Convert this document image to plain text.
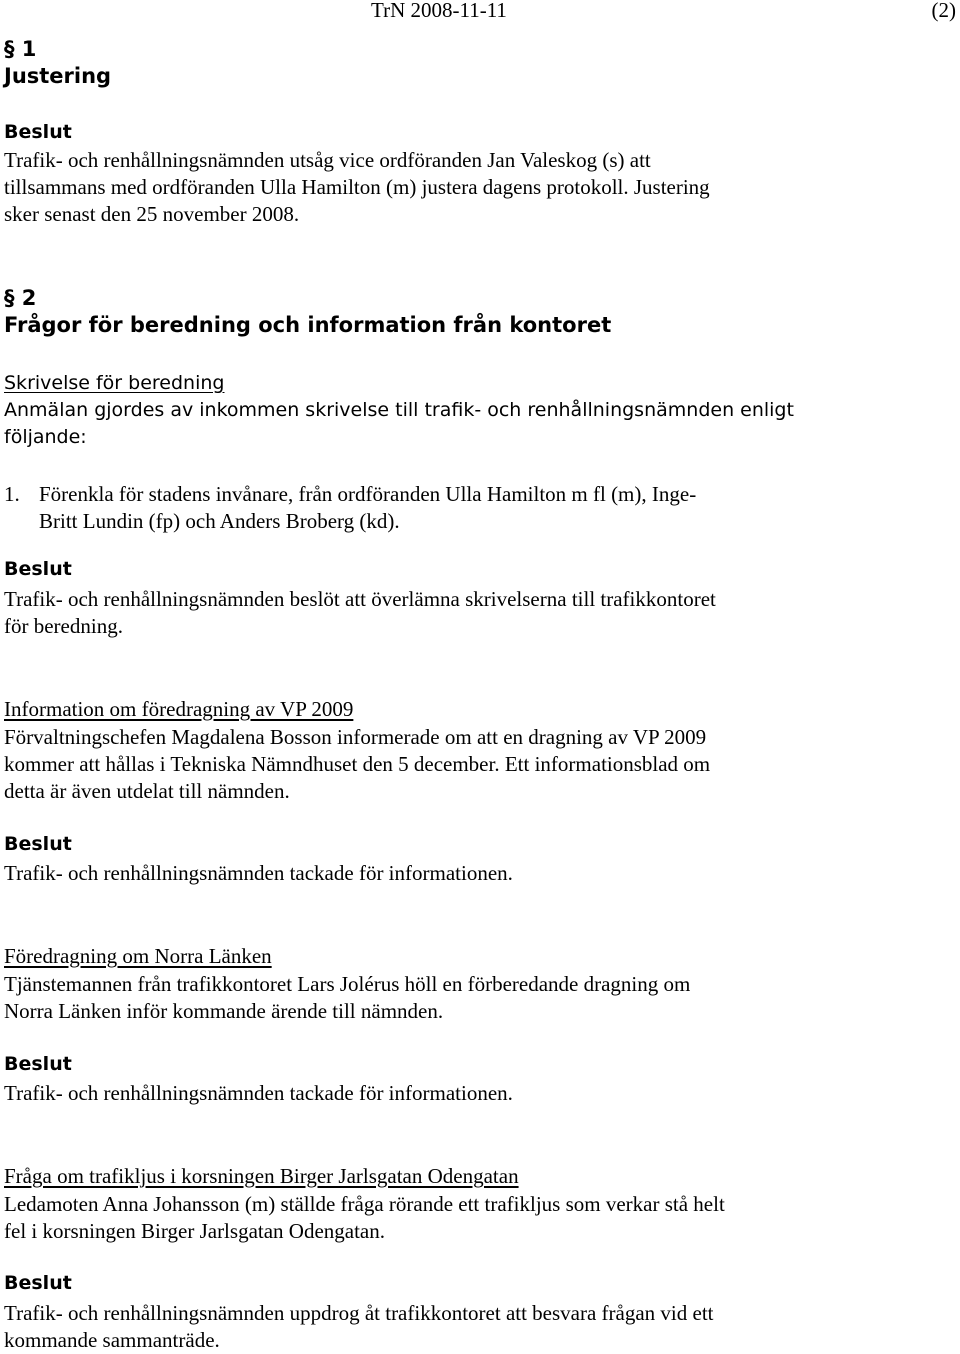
TrN 2008-11-11	(2)

§ 1

Justering

Beslut

Trafik- och renhållningsnämnden utsåg vice ordföranden Jan Valeskog (s) att

tillsammans med ordföranden Ulla Hamilton (m) justera dagens protokoll. Justering

sker senast den 25 november 2008.

§ 2

Frågor för beredning och information från kontoret

Skrivelse för beredning

Anmälan gjordes av inkommen skrivelse till trafik- och renhållningsnämnden enligt

följande:

1. Förenkla för stadens invånare, från ordföranden Ulla Hamilton m fl (m), Inge-
Britt Lundin (fp) och Anders Broberg (kd).

Beslut

Trafik- och renhållningsnämnden beslöt att överlämna skrivelserna till trafikkontoret

för beredning.

Information om föredragning av VP 2009

Förvaltningschefen Magdalena Bosson informerade om att en dragning av VP 2009

kommer att hållas i Tekniska Nämndhuset den 5 december. Ett informationsblad om

detta är även utdelat till nämnden.

Beslut

Trafik- och renhållningsnämnden tackade för informationen.

Föredragning om Norra Länken

Tjänstemannen från trafikkontoret Lars Jolérus höll en förberedande dragning om

Norra Länken inför kommande ärende till nämnden.

Beslut

Trafik- och renhållningsnämnden tackade för informationen.

Fråga om trafikljus i korsningen Birger Jarlsgatan Odengatan

Ledamoten Anna Johansson (m) ställde fråga rörande ett trafikljus som verkar stå helt

fel i korsningen Birger Jarlsgatan Odengatan.

Beslut

Trafik- och renhållningsnämnden uppdrog åt trafikkontoret att besvara frågan vid ett

kommande sammanträde.
